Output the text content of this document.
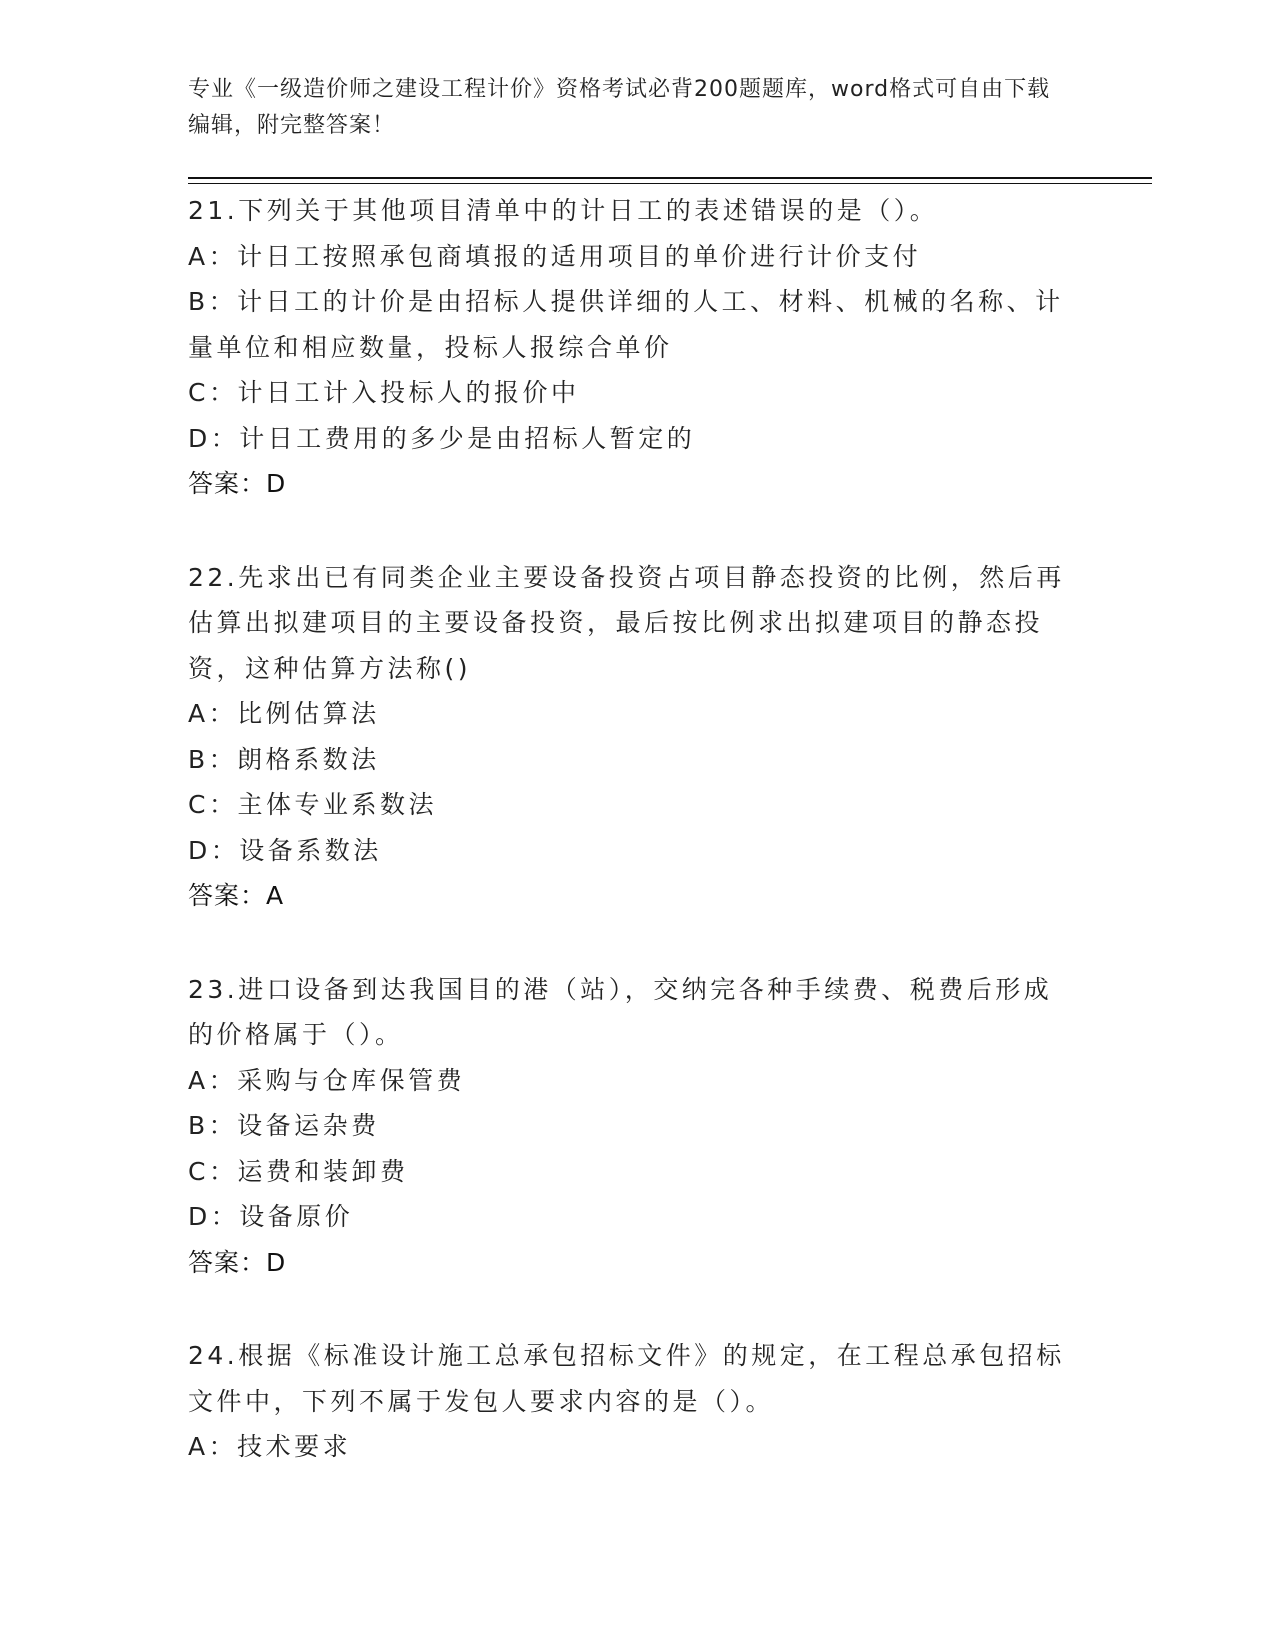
专业《一级造价师之建设工程计价》资格考试必背200题题库，word格式可自由下载编辑，附完整答案！

21.下列关于其他项目清单中的计日工的表述错误的是（）。

A：计日工按照承包商填报的适用项目的单价进行计价支付

B：计日工的计价是由招标人提供详细的人工、材料、机械的名称、计

量单位和相应数量，投标人报综合单价

C：计日工计入投标人的报价中

D：计日工费用的多少是由招标人暂定的

答案：D

22.先求出已有同类企业主要设备投资占项目静态投资的比例，然后再

估算出拟建项目的主要设备投资，最后按比例求出拟建项目的静态投

资，这种估算方法称()

A：比例估算法

B：朗格系数法

C：主体专业系数法

D：设备系数法

答案：A

23.进口设备到达我国目的港（站），交纳完各种手续费、税费后形成

的价格属于（）。

A：采购与仓库保管费

B：设备运杂费

C：运费和装卸费

D：设备原价

答案：D

24.根据《标准设计施工总承包招标文件》的规定，在工程总承包招标

文件中，下列不属于发包人要求内容的是（）。

A：技术要求
